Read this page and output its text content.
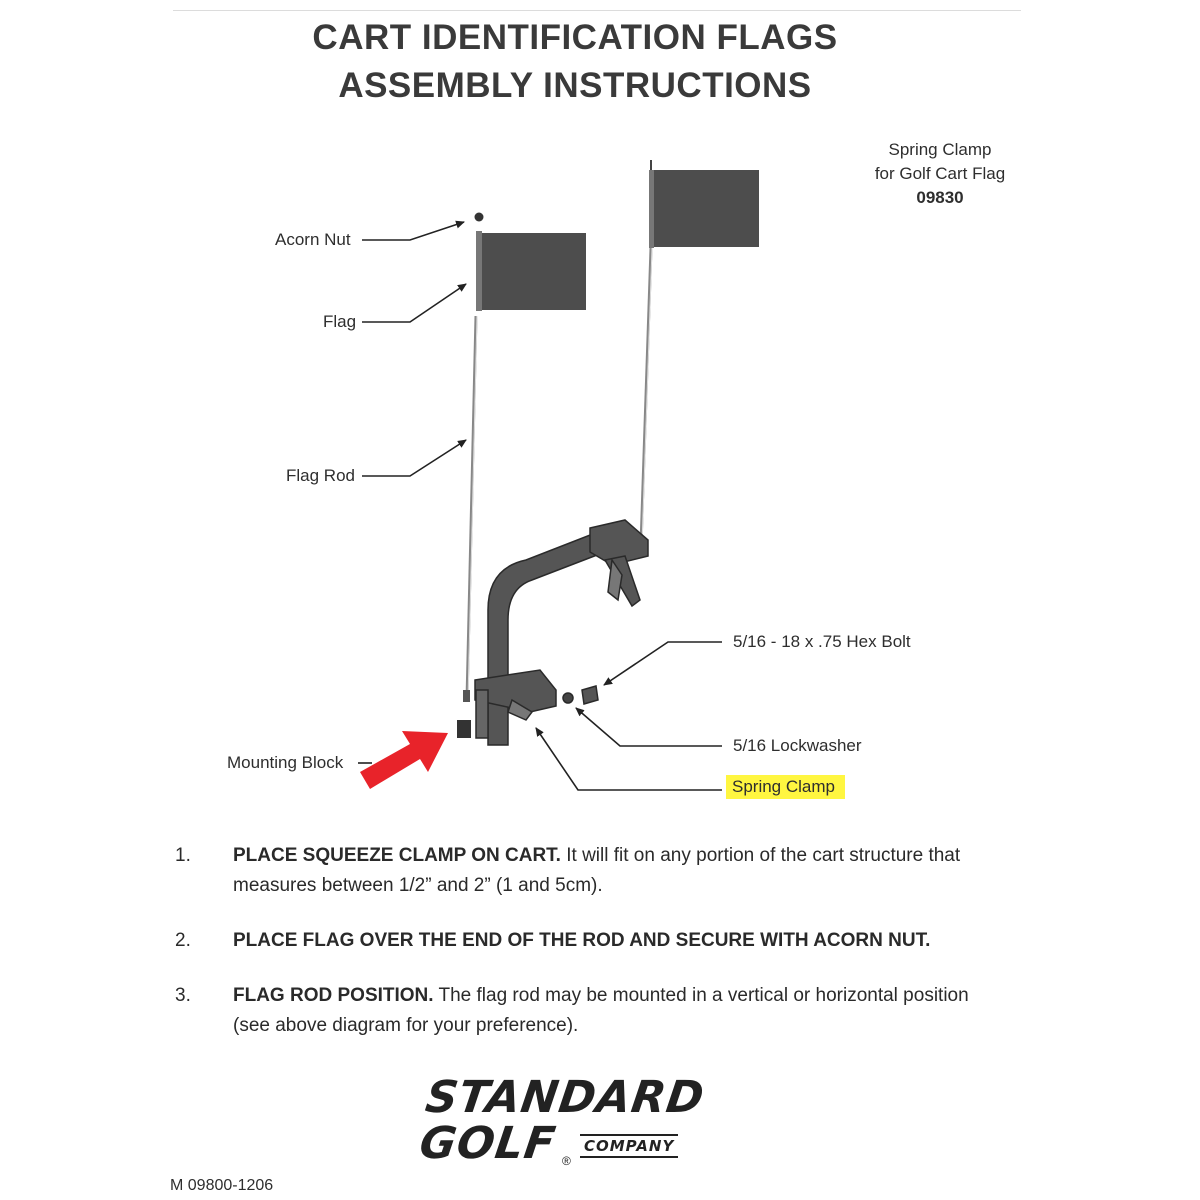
CART IDENTIFICATION FLAGS
ASSEMBLY INSTRUCTIONS
Spring Clamp
for Golf Cart Flag
09830
Acorn Nut
Flag
Flag Rod
5/16 - 18 x .75 Hex Bolt
5/16 Lockwasher
Spring Clamp
Mounting Block
1. PLACE SQUEEZE CLAMP ON CART. It will fit on any portion of the cart structure that measures between 1/2” and 2” (1 and 5cm).
2. PLACE FLAG OVER THE END OF THE ROD AND SECURE WITH ACORN NUT.
3. FLAG ROD POSITION. The flag rod may be mounted in a vertical or horizontal position (see above diagram for your preference).
STANDARD
GOLF ®
COMPANY
M 09800-1206
